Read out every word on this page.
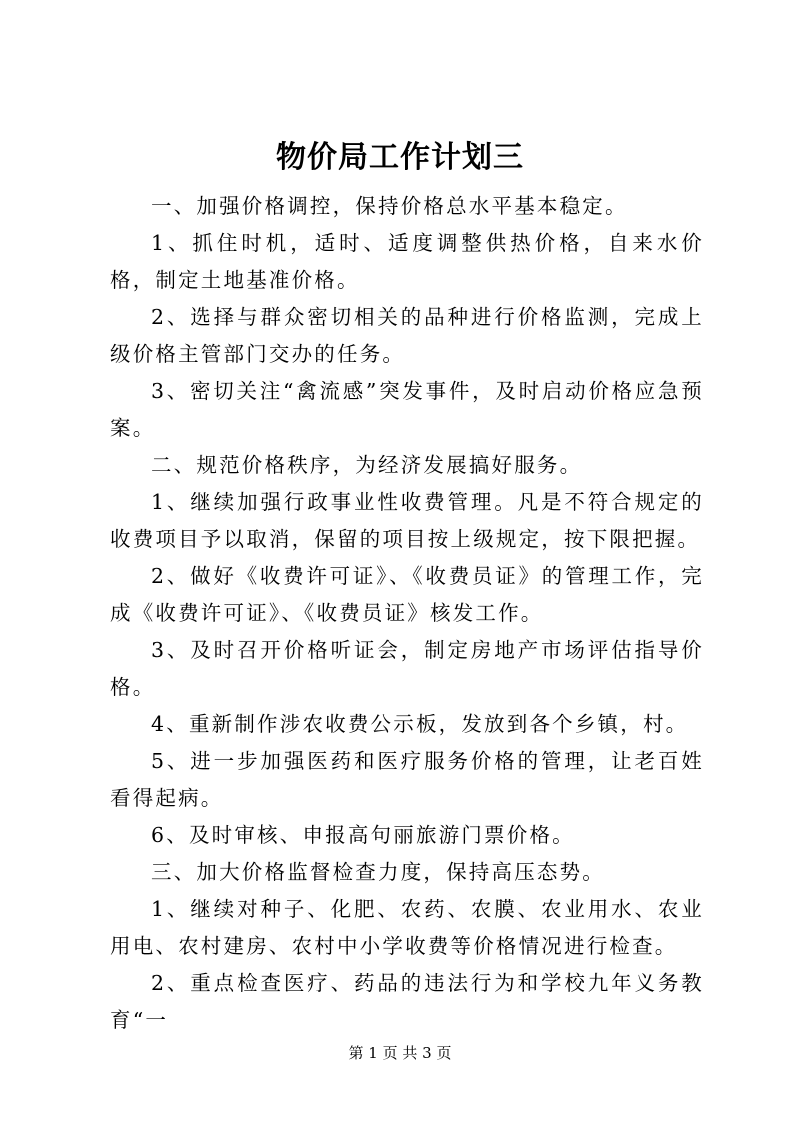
物价局工作计划三

一、加强价格调控，保持价格总水平基本稳定。

1、抓住时机，适时、适度调整供热价格，自来水价格，制定土地基准价格。

2、选择与群众密切相关的品种进行价格监测，完成上级价格主管部门交办的任务。

3、密切关注“禽流感”突发事件，及时启动价格应急预案。

二、规范价格秩序，为经济发展搞好服务。

1、继续加强行政事业性收费管理。凡是不符合规定的收费项目予以取消，保留的项目按上级规定，按下限把握。

2、做好《收费许可证》、《收费员证》的管理工作，完成《收费许可证》、《收费员证》核发工作。

3、及时召开价格听证会，制定房地产市场评估指导价格。

4、重新制作涉农收费公示板，发放到各个乡镇，村。

5、进一步加强医药和医疗服务价格的管理，让老百姓看得起病。

6、及时审核、申报高句丽旅游门票价格。

三、加大价格监督检查力度，保持高压态势。

1、继续对种子、化肥、农药、农膜、农业用水、农业用电、农村建房、农村中小学收费等价格情况进行检查。

2、重点检查医疗、药品的违法行为和学校九年义务教育“一

第 1 页 共 3 页
